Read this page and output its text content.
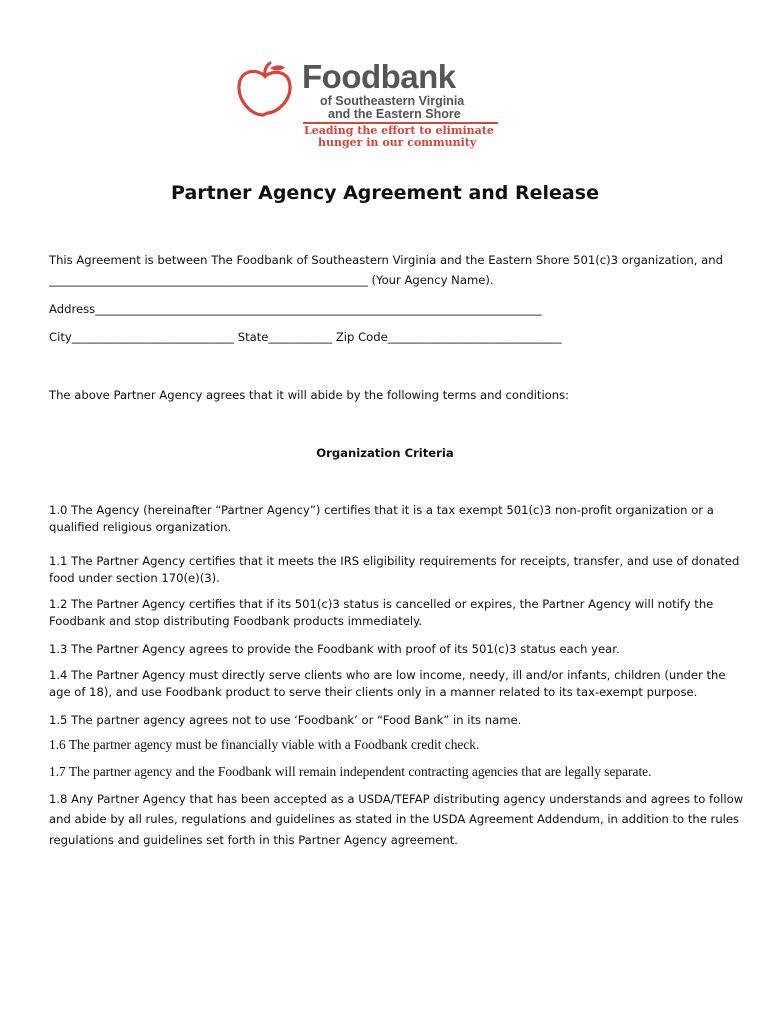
Foodbank
of Southeastern Virginia
and the Eastern Shore
Leading the effort to eliminate
hunger in our community
Partner Agency Agreement and Release
This Agreement is between The Foodbank of Southeastern Virginia and the Eastern Shore 501(c)3 organization, and
_______________________________________________________ (Your Agency Name).
Address_____________________________________________________________________________
City____________________________ State___________ Zip Code______________________________
The above Partner Agency agrees that it will abide by the following terms and conditions:
Organization Criteria
1.0 The Agency (hereinafter “Partner Agency”) certifies that it is a tax exempt 501(c)3 non-profit organization or a
qualified religious organization.
1.1 The Partner Agency certifies that it meets the IRS eligibility requirements for receipts, transfer, and use of donated
food under section 170(e)(3).
1.2 The Partner Agency certifies that if its 501(c)3 status is cancelled or expires, the Partner Agency will notify the
Foodbank and stop distributing Foodbank products immediately.
1.3 The Partner Agency agrees to provide the Foodbank with proof of its 501(c)3 status each year.
1.4 The Partner Agency must directly serve clients who are low income, needy, ill and/or infants, children (under the
age of 18), and use Foodbank product to serve their clients only in a manner related to its tax-exempt purpose.
1.5 The partner agency agrees not to use ‘Foodbank’ or “Food Bank” in its name.
1.6 The partner agency must be financially viable with a Foodbank credit check.
1.7 The partner agency and the Foodbank will remain independent contracting agencies that are legally separate.
1.8 Any Partner Agency that has been accepted as a USDA/TEFAP distributing agency understands and agrees to follow
and abide by all rules, regulations and guidelines as stated in the USDA Agreement Addendum, in addition to the rules
regulations and guidelines set forth in this Partner Agency agreement.
